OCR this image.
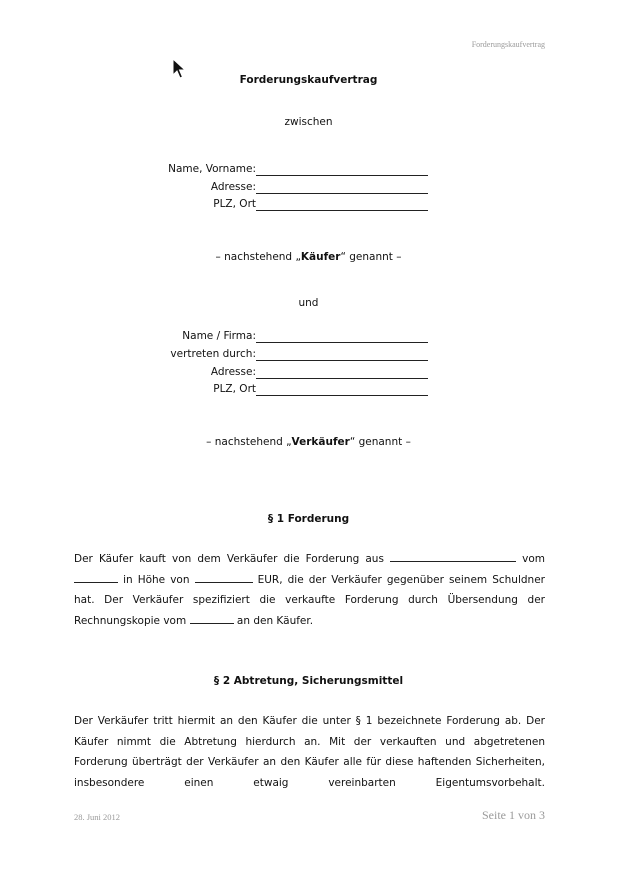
Forderungskaufvertrag
Forderungskaufvertrag
zwischen
Name, Vorname:
Adresse:
PLZ, Ort
– nachstehend „Käufer“ genannt –
und
Name / Firma:
vertreten durch:
Adresse:
PLZ, Ort
– nachstehend „Verkäufer“ genannt –
§ 1 Forderung
Der Käufer kauft von dem Verkäufer die Forderung aus	vom  in Höhe von	EUR, die der Verkäufer gegenüber seinem Schuldner hat. Der Verkäufer spezifiziert die verkaufte Forderung durch Übersendung der Rechnungskopie vom	an den Käufer.
§ 2 Abtretung, Sicherungsmittel
Der Verkäufer tritt hiermit an den Käufer die unter § 1 bezeichnete Forderung ab. Der Käufer nimmt die Abtretung hierdurch an. Mit der verkauften und abgetretenen Forderung überträgt der Verkäufer an den Käufer alle für diese haftenden Sicherheiten, insbesondere einen etwaig vereinbarten Eigentumsvorbehalt.
28. Juni 2012	Seite 1 von 3
